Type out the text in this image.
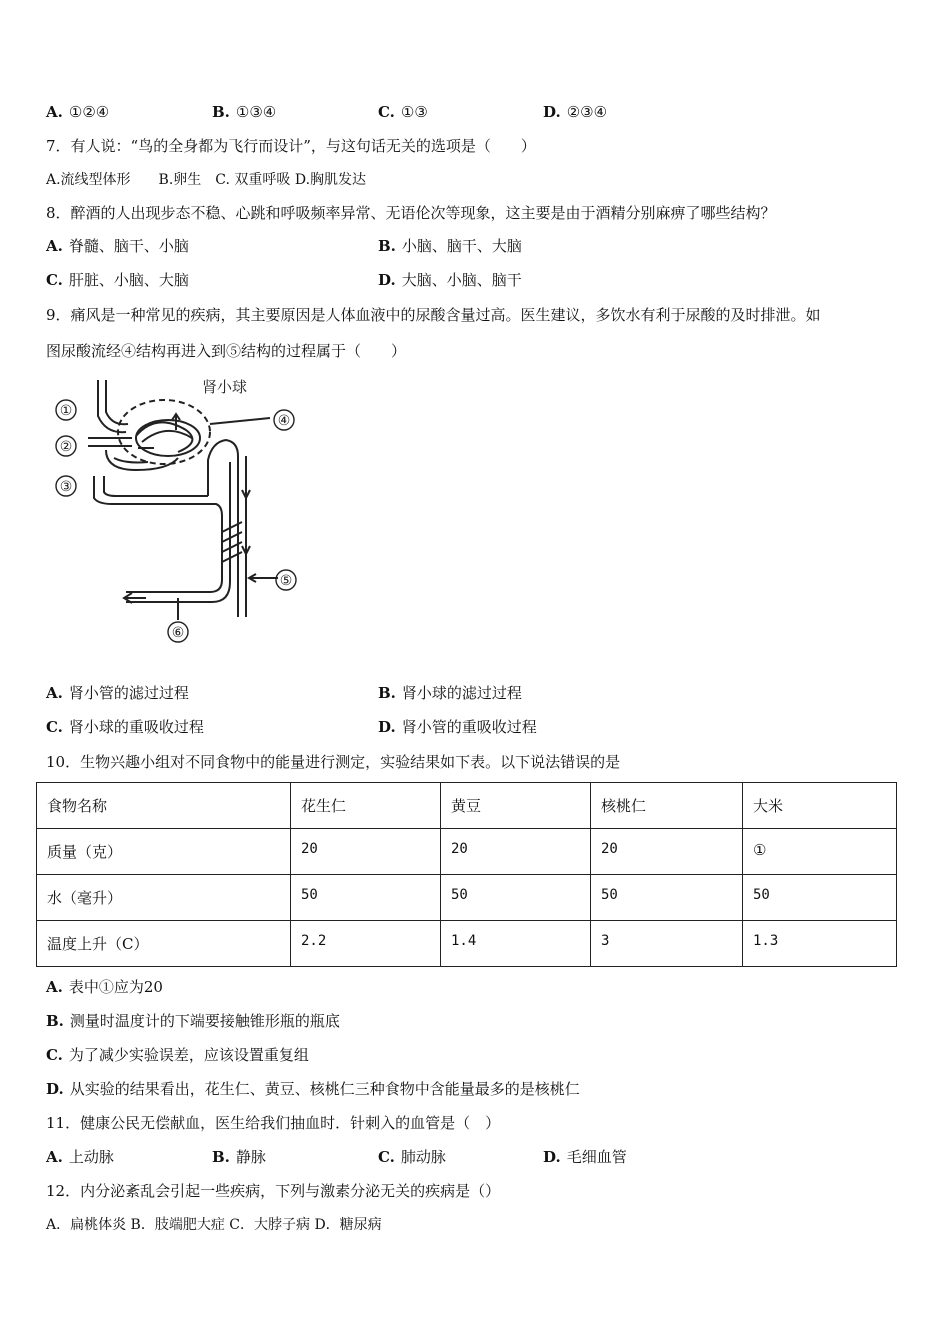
A. ①②④	B. ①③④	C. ①③	D. ②③④
7．有人说：“鸟的全身都为飞行而设计”，与这句话无关的选项是（　　）
A.流线型体形　　B.卵生　C. 双重呼吸 D.胸肌发达
8．醉酒的人出现步态不稳、心跳和呼吸频率异常、无语伦次等现象，这主要是由于酒精分别麻痹了哪些结构？
A. 脊髓、脑干、小脑	B. 小脑、脑干、大脑
C. 肝脏、小脑、大脑	D. 大脑、小脑、脑干
9．痛风是一种常见的疾病，其主要原因是人体血液中的尿酸含量过高。医生建议，多饮水有利于尿酸的及时排泄。如
图尿酸流经④结构再进入到⑤结构的过程属于（　　）
肾小球
①
②
③
④
⑤
⑥
A. 肾小管的滤过过程	B. 肾小球的滤过过程
C. 肾小球的重吸收过程	D. 肾小管的重吸收过程
10．生物兴趣小组对不同食物中的能量进行测定，实验结果如下表。以下说法错误的是
食物名称	花生仁	黄豆	核桃仁	大米
质量（克）	20	20	20	①
水（毫升）	50	50	50	50
温度上升（C）	2.2	1.4	3	1.3
A. 表中①应为20
B. 测量时温度计的下端要接触锥形瓶的瓶底
C. 为了减少实验误差，应该设置重复组
D. 从实验的结果看出，花生仁、黄豆、核桃仁三种食物中含能量最多的是核桃仁
11．健康公民无偿献血，医生给我们抽血时．针刺入的血管是（　）
A. 上动脉	B. 静脉	C. 肺动脉	D. 毛细血管
12．内分泌紊乱会引起一些疾病，下列与激素分泌无关的疾病是（）
A．扁桃体炎 B．肢端肥大症 C．大脖子病 D．糖尿病
